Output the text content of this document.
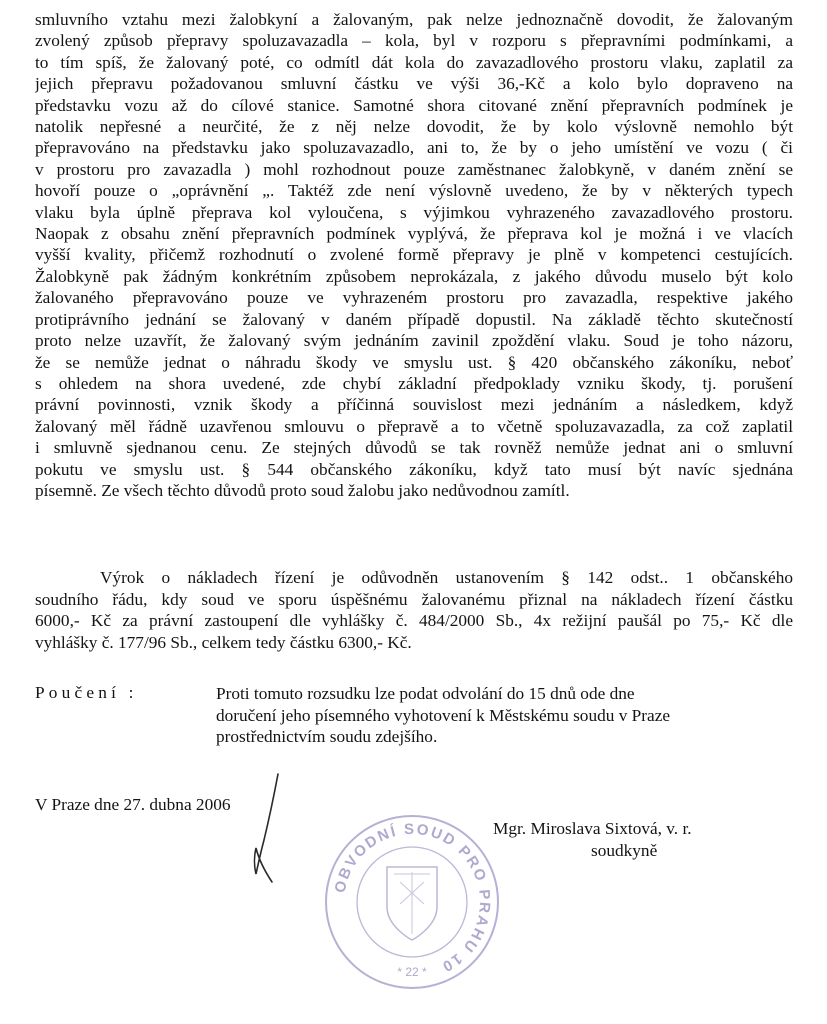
smluvního vztahu mezi žalobkyní a žalovaným, pak nelze jednoznačně dovodit, že žalovaným
zvolený způsob přepravy spoluzavazadla – kola, byl v rozporu s přepravními podmínkami, a
to tím spíš, že žalovaný poté, co odmítl dát kola do zavazadlového prostoru vlaku, zaplatil za
jejich přepravu požadovanou smluvní částku ve výši 36,-Kč a kolo bylo dopraveno na
představku vozu až do cílové stanice. Samotné shora citované znění přepravních podmínek je
natolik nepřesné a neurčité, že z něj nelze dovodit, že by kolo výslovně nemohlo být
přepravováno na představku jako spoluzavazadlo, ani to, že by o jeho umístění ve vozu ( či
v prostoru pro zavazadla ) mohl rozhodnout pouze zaměstnanec žalobkyně, v daném znění se
hovoří pouze o „oprávnění „. Taktéž zde není výslovně uvedeno, že by v některých typech
vlaku byla úplně přeprava kol vyloučena, s výjimkou vyhrazeného zavazadlového prostoru.
Naopak z obsahu znění přepravních podmínek vyplývá, že přeprava kol je možná i ve vlacích
vyšší kvality, přičemž rozhodnutí o zvolené formě přepravy je plně v kompetenci cestujících.
Žalobkyně pak žádným konkrétním způsobem neprokázala, z jakého důvodu muselo být kolo
žalovaného přepravováno pouze ve vyhrazeném prostoru pro zavazadla, respektive jakého
protiprávního jednání se žalovaný v daném případě dopustil. Na základě těchto skutečností
proto nelze uzavřít, že žalovaný svým jednáním zavinil zpoždění vlaku. Soud je toho názoru,
že se nemůže jednat o náhradu škody ve smyslu ust. § 420 občanského zákoníku, neboť
s ohledem na shora uvedené, zde chybí základní předpoklady vzniku škody, tj. porušení
právní povinnosti, vznik škody a příčinná souvislost mezi jednáním a následkem, když
žalovaný měl řádně uzavřenou smlouvu o přepravě a to včetně spoluzavazadla, za což zaplatil
i smluvně sjednanou cenu. Ze stejných důvodů se tak rovněž nemůže jednat ani o smluvní
pokutu ve smyslu ust. § 544 občanského zákoníku, když tato musí být navíc sjednána
písemně. Ze všech těchto důvodů proto soud žalobu jako nedůvodnou zamítl.
Výrok o nákladech řízení je odůvodněn ustanovením § 142 odst.. 1 občanského
soudního řádu, kdy soud ve sporu úspěšnému žalovanému přiznal na nákladech řízení částku
6000,- Kč za právní zastoupení dle vyhlášky č. 484/2000 Sb., 4x režijní paušál po 75,- Kč dle
vyhlášky č. 177/96 Sb., celkem tedy částku 6300,- Kč.
Poučení :	Proti tomuto rozsudku lze podat odvolání do 15 dnů ode dne
doručení jeho písemného vyhotovení k Městskému soudu v Praze
prostřednictvím soudu zdejšího.
V Praze dne 27. dubna 2006
OBVODNÍ SOUD PRO PRAHU 10
* 22 *
Mgr. Miroslava Sixtová, v. r.
soudkyně
